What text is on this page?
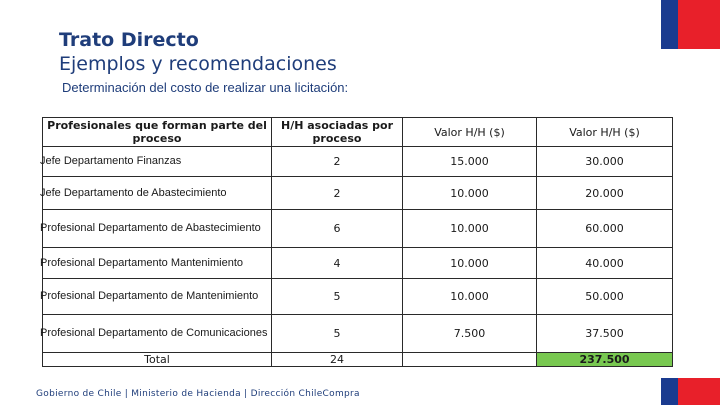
Trato Directo
Ejemplos y recomendaciones
Determinación del costo de realizar una licitación:
Profesionales que forman parte del proceso	H/H asociadas por proceso	Valor H/H ($)	Valor H/H ($)

Jefe Departamento Finanzas	2	15.000	30.000

Jefe Departamento de Abastecimiento	2	10.000	20.000

Profesional Departamento de Abastecimiento	6	10.000	60.000

Profesional Departamento Mantenimiento	4	10.000	40.000

Profesional Departamento de Mantenimiento	5	10.000	50.000

Profesional Departamento de Comunicaciones	5	7.500	37.500
Total	24		237.500
Gobierno de Chile | Ministerio de Hacienda | Dirección ChileCompra
